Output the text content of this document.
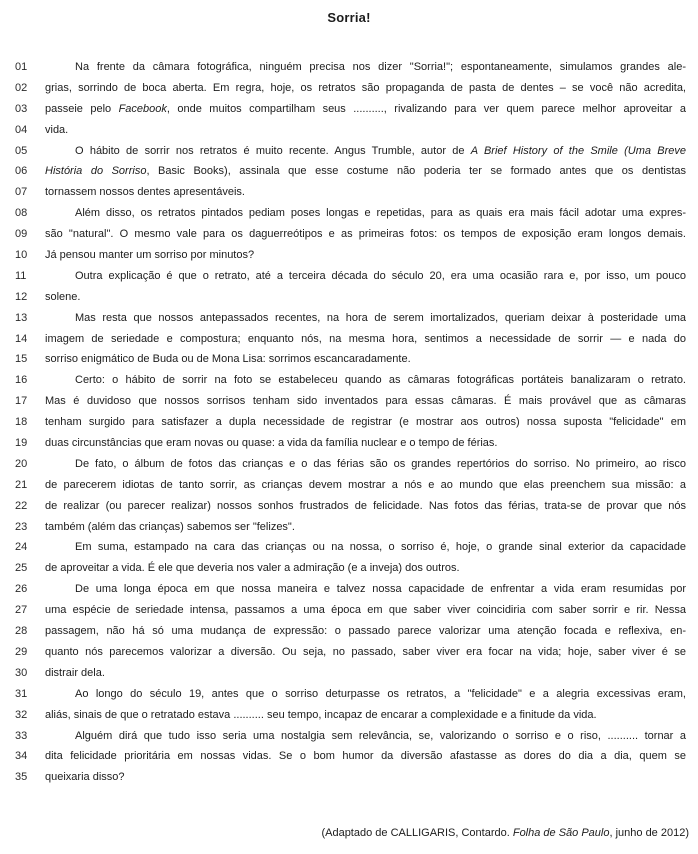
Sorria!
01	Na frente da câmara fotográfica, ninguém precisa nos dizer "Sorria!"; espontaneamente, simulamos grandes ale-
02	grias, sorrindo de boca aberta. Em regra, hoje, os retratos são propaganda de pasta de dentes – se você não acredita,
03	passeie pelo Facebook, onde muitos compartilham seus .........., rivalizando para ver quem parece melhor aproveitar a
04	vida.
05	O hábito de sorrir nos retratos é muito recente. Angus Trumble, autor de A Brief History of the Smile (Uma Breve
06	História do Sorriso, Basic Books), assinala que esse costume não poderia ter se formado antes que os dentistas
07	tornassem nossos dentes apresentáveis.
08	Além disso, os retratos pintados pediam poses longas e repetidas, para as quais era mais fácil adotar uma expres-
09	são "natural". O mesmo vale para os daguerreótipos e as primeiras fotos: os tempos de exposição eram longos demais.
10	Já pensou manter um sorriso por minutos?
11	Outra explicação é que o retrato, até a terceira década do século 20, era uma ocasião rara e, por isso, um pouco
12	solene.
13	Mas resta que nossos antepassados recentes, na hora de serem imortalizados, queriam deixar à posteridade uma
14	imagem de seriedade e compostura; enquanto nós, na mesma hora, sentimos a necessidade de sorrir — e nada do
15	sorriso enigmático de Buda ou de Mona Lisa: sorrimos escancaradamente.
16	Certo: o hábito de sorrir na foto se estabeleceu quando as câmaras fotográficas portáteis banalizaram o retrato.
17	Mas é duvidoso que nossos sorrisos tenham sido inventados para essas câmaras. É mais provável que as câmaras
18	tenham surgido para satisfazer a dupla necessidade de registrar (e mostrar aos outros) nossa suposta "felicidade" em
19	duas circunstâncias que eram novas ou quase: a vida da família nuclear e o tempo de férias.
20	De fato, o álbum de fotos das crianças e o das férias são os grandes repertórios do sorriso. No primeiro, ao risco
21	de parecerem idiotas de tanto sorrir, as crianças devem mostrar a nós e ao mundo que elas preenchem sua missão: a
22	de realizar (ou parecer realizar) nossos sonhos frustrados de felicidade. Nas fotos das férias, trata-se de provar que nós
23	também (além das crianças) sabemos ser "felizes".
24	Em suma, estampado na cara das crianças ou na nossa, o sorriso é, hoje, o grande sinal exterior da capacidade
25	de aproveitar a vida. É ele que deveria nos valer a admiração (e a inveja) dos outros.
26	De uma longa época em que nossa maneira e talvez nossa capacidade de enfrentar a vida eram resumidas por
27	uma espécie de seriedade intensa, passamos a uma época em que saber viver coincidiria com saber sorrir e rir. Nessa
28	passagem, não há só uma mudança de expressão: o passado parece valorizar uma atenção focada e reflexiva, en-
29	quanto nós parecemos valorizar a diversão. Ou seja, no passado, saber viver era focar na vida; hoje, saber viver é se
30	distrair dela.
31	Ao longo do século 19, antes que o sorriso deturpasse os retratos, a "felicidade" e a alegria excessivas eram,
32	aliás, sinais de que o retratado estava .......... seu tempo, incapaz de encarar a complexidade e a finitude da vida.
33	Alguém dirá que tudo isso seria uma nostalgia sem relevância, se, valorizando o sorriso e o riso, .......... tornar a
34	dita felicidade prioritária em nossas vidas. Se o bom humor da diversão afastasse as dores do dia a dia, quem se
35	queixaria disso?
(Adaptado de CALLIGARIS, Contardo. Folha de São Paulo, junho de 2012)
